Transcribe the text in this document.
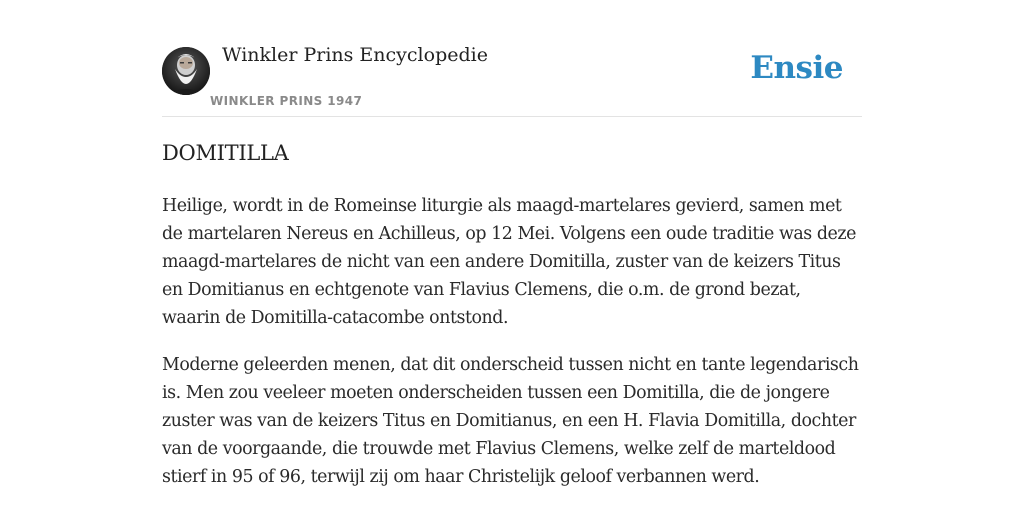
Winkler Prins Encyclopedie
WINKLER PRINS 1947
Ensie
DOMITILLA

Heilige, wordt in de Romeinse liturgie als maagd-martelares gevierd, samen met de martelaren Nereus en Achilleus, op 12 Mei. Volgens een oude traditie was deze maagd-martelares de nicht van een andere Domitilla, zuster van de keizers Titus en Domitianus en echtgenote van Flavius Clemens, die o.m. de grond bezat, waarin de Domitilla-catacombe ontstond.

Moderne geleerden menen, dat dit onderscheid tussen nicht en tante legendarisch is. Men zou veeleer moeten onderscheiden tussen een Domitilla, die de jongere zuster was van de keizers Titus en Domitianus, en een H. Flavia Domitilla, dochter van de voorgaande, die trouwde met Flavius Clemens, welke zelf de marteldood stierf in 95 of 96, terwijl zij om haar Christelijk geloof verbannen werd.
